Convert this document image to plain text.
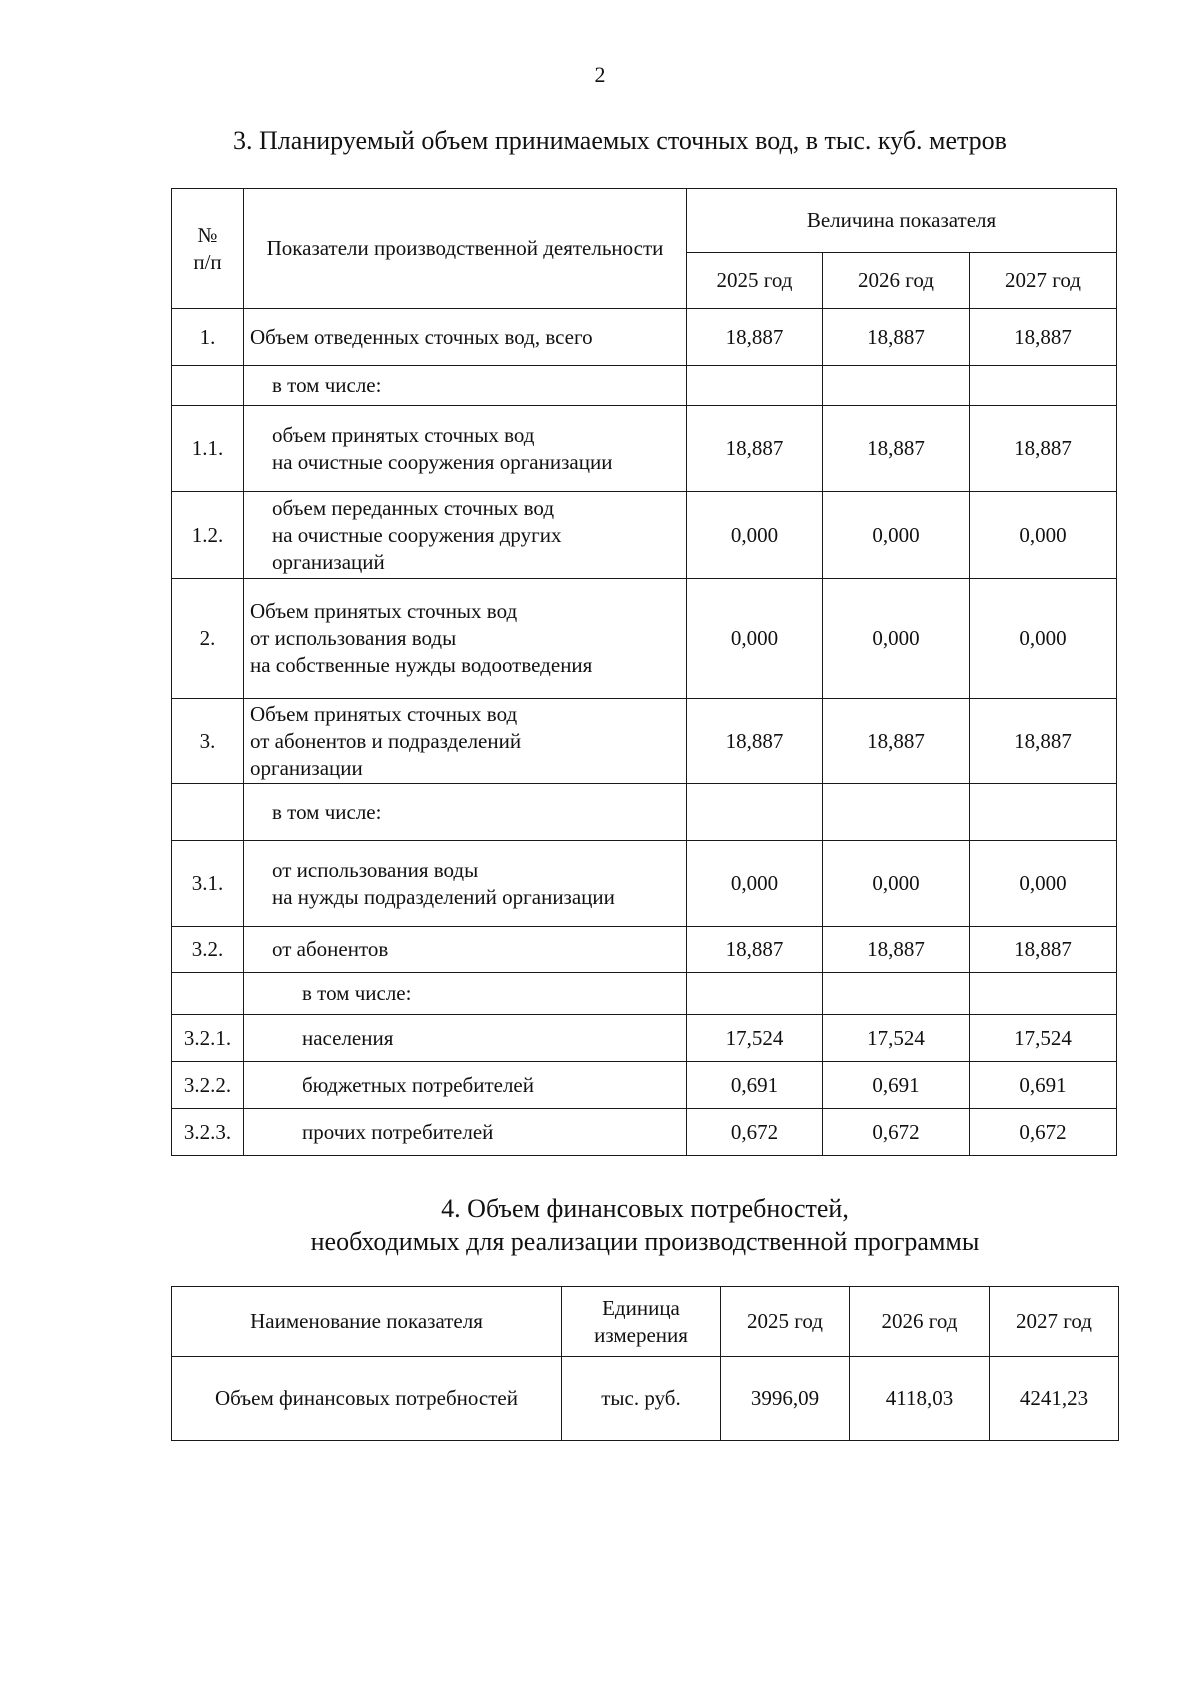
2
3. Планируемый объем принимаемых сточных вод, в тыс. куб. метров
№
п/п	Показатели производственной деятельности	Величина показателя		
		2025 год	2026 год	2027 год
1.	Объем отведенных сточных вод, всего	18,887	18,887	18,887

	в том числе:			

1.1.	объем принятых сточных вод
на очистные сооружения организации	18,887	18,887	18,887
1.2.	объем переданных сточных вод
на очистные сооружения других
организаций	0,000	0,000	0,000
2.	Объем принятых сточных вод
от использования воды
на собственные нужды водоотведения	0,000	0,000	0,000
3.	Объем принятых сточных вод
от абонентов и подразделений
организации	18,887	18,887	18,887

	в том числе:			

3.1.	от использования воды
на нужды подразделений организации	0,000	0,000	0,000
3.2.	от абонентов	18,887	18,887	18,887

	в том числе:			

3.2.1.	населения	17,524	17,524	17,524
3.2.2.	бюджетных потребителей	0,691	0,691	0,691
3.2.3.	прочих потребителей	0,672	0,672	0,672
4. Объем финансовых потребностей,
необходимых для реализации производственной программы
Наименование показателя	Единица
измерения	2025 год	2026 год	2027 год
Объем финансовых потребностей	тыс. руб.	3996,09	4118,03	4241,23
